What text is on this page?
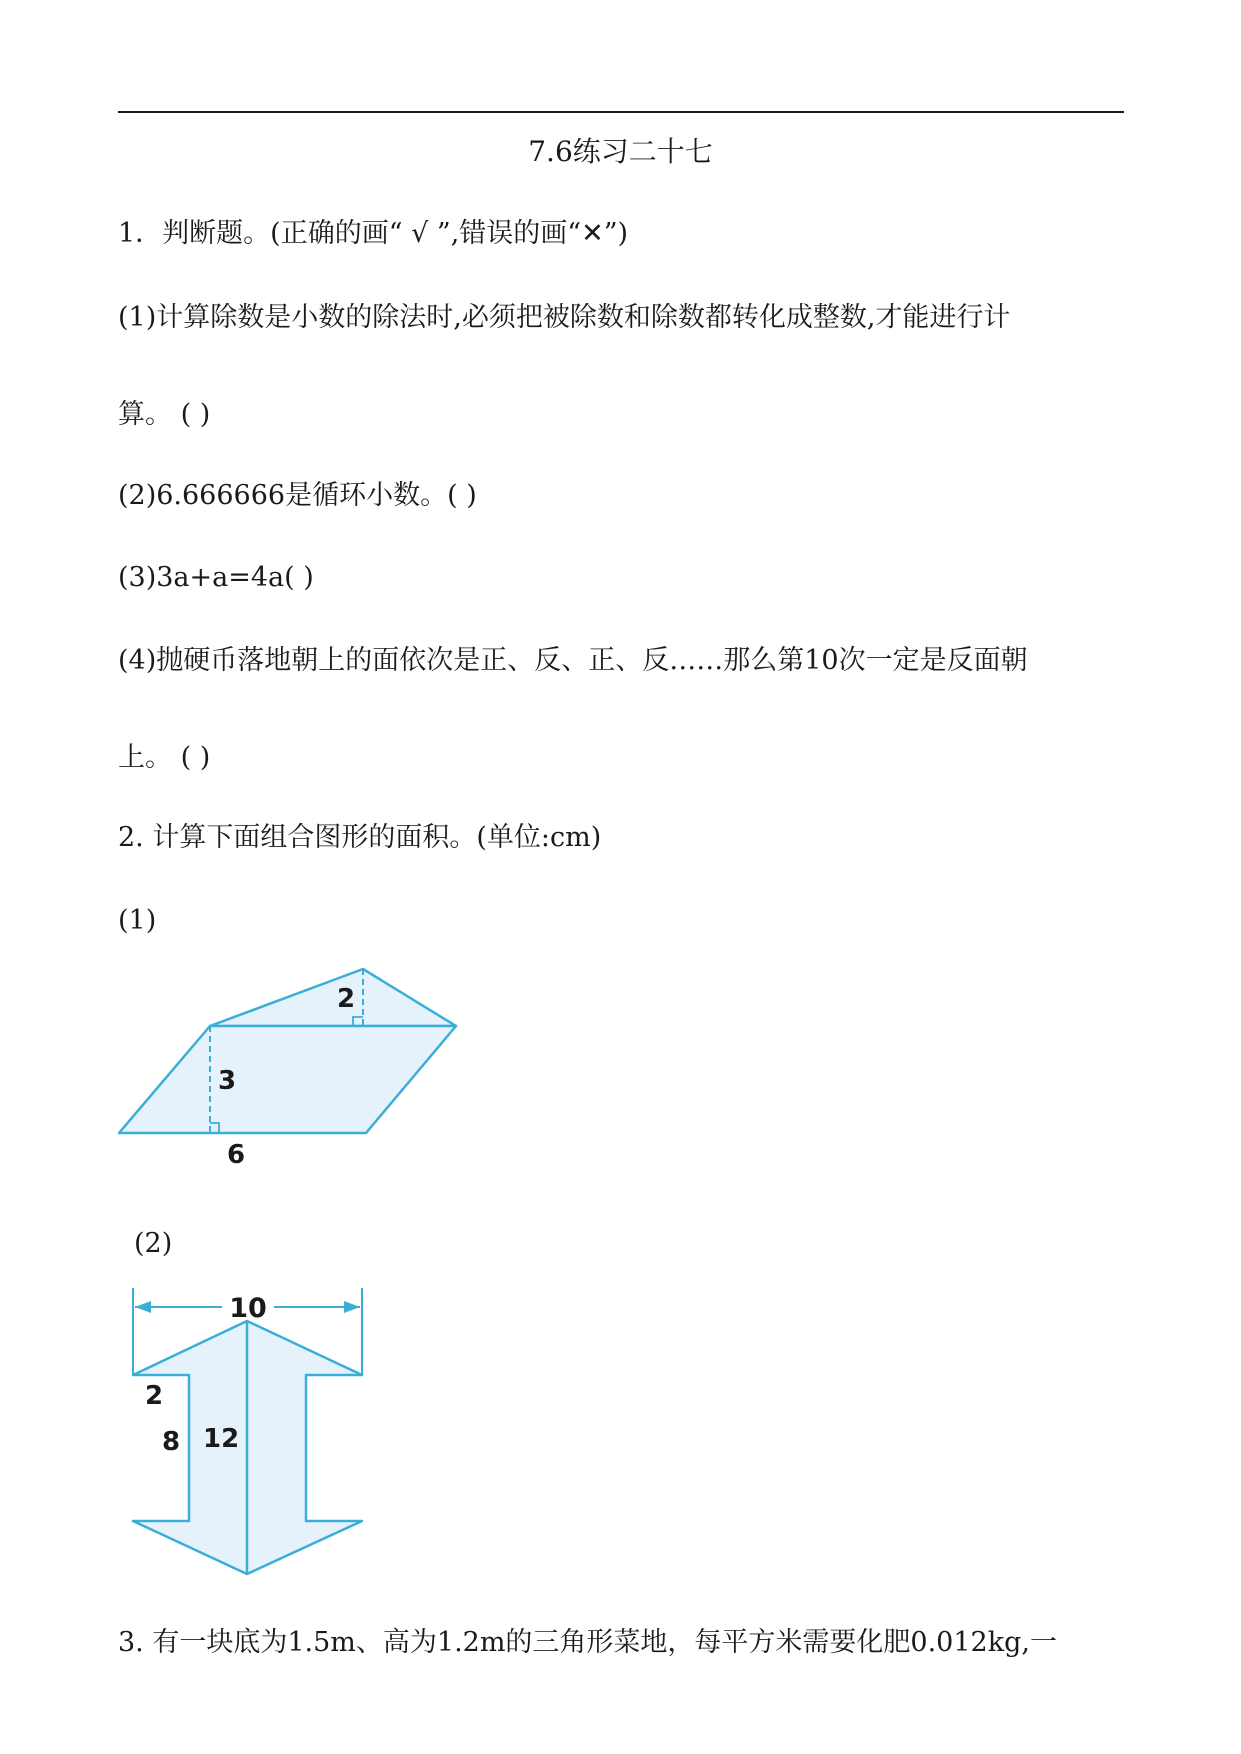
7.6练习二十七
1．判断题。(正确的画“ √ ”,错误的画“✕”)
(1)计算除数是小数的除法时,必须把被除数和除数都转化成整数,才能进行计
算。 ( )
(2)6.666666是循环小数。( )
(3)3a+a=4a( )
(4)抛硬币落地朝上的面依次是正、反、正、反……那么第10次一定是反面朝
上。 ( )
2. 计算下面组合图形的面积。(单位:cm)
(1)
2
3
6
(2)
10
2
8 12
3. 有一块底为1.5m、高为1.2m的三角形菜地，每平方米需要化肥0.012kg,一
